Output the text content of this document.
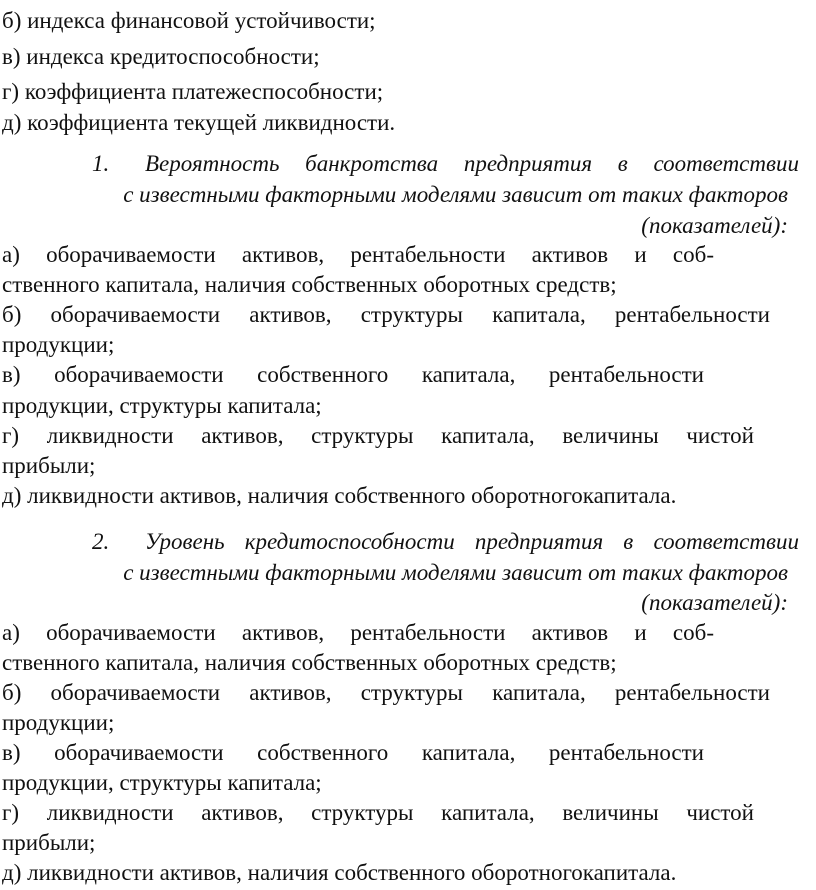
б) индекса финансовой устойчивости;
в) индекса кредитоспособности;
г) коэффициента платежеспособности;
д) коэффициента текущей ликвидности.
1. Вероятность банкротства предприятия в соответствии
с известными факторными моделями зависит от таких факторов
(показателей):
а) оборачиваемости активов, рентабельности активов и соб-
ственного капитала, наличия собственных оборотных средств;
б) оборачиваемости активов, структуры капитала, рентабельности
продукции;
в) оборачиваемости собственного капитала, рентабельности
продукции, структуры капитала;
г) ликвидности активов, структуры капитала, величины чистой
прибыли;
д) ликвидности активов, наличия собственного оборотногокапитала.
2. Уровень кредитоспособности предприятия в соответствии
с известными факторными моделями зависит от таких факторов
(показателей):
а) оборачиваемости активов, рентабельности активов и соб-
ственного капитала, наличия собственных оборотных средств;
б) оборачиваемости активов, структуры капитала, рентабельности
продукции;
в) оборачиваемости собственного капитала, рентабельности
продукции, структуры капитала;
г) ликвидности активов, структуры капитала, величины чистой
прибыли;
д) ликвидности активов, наличия собственного оборотногокапитала.
